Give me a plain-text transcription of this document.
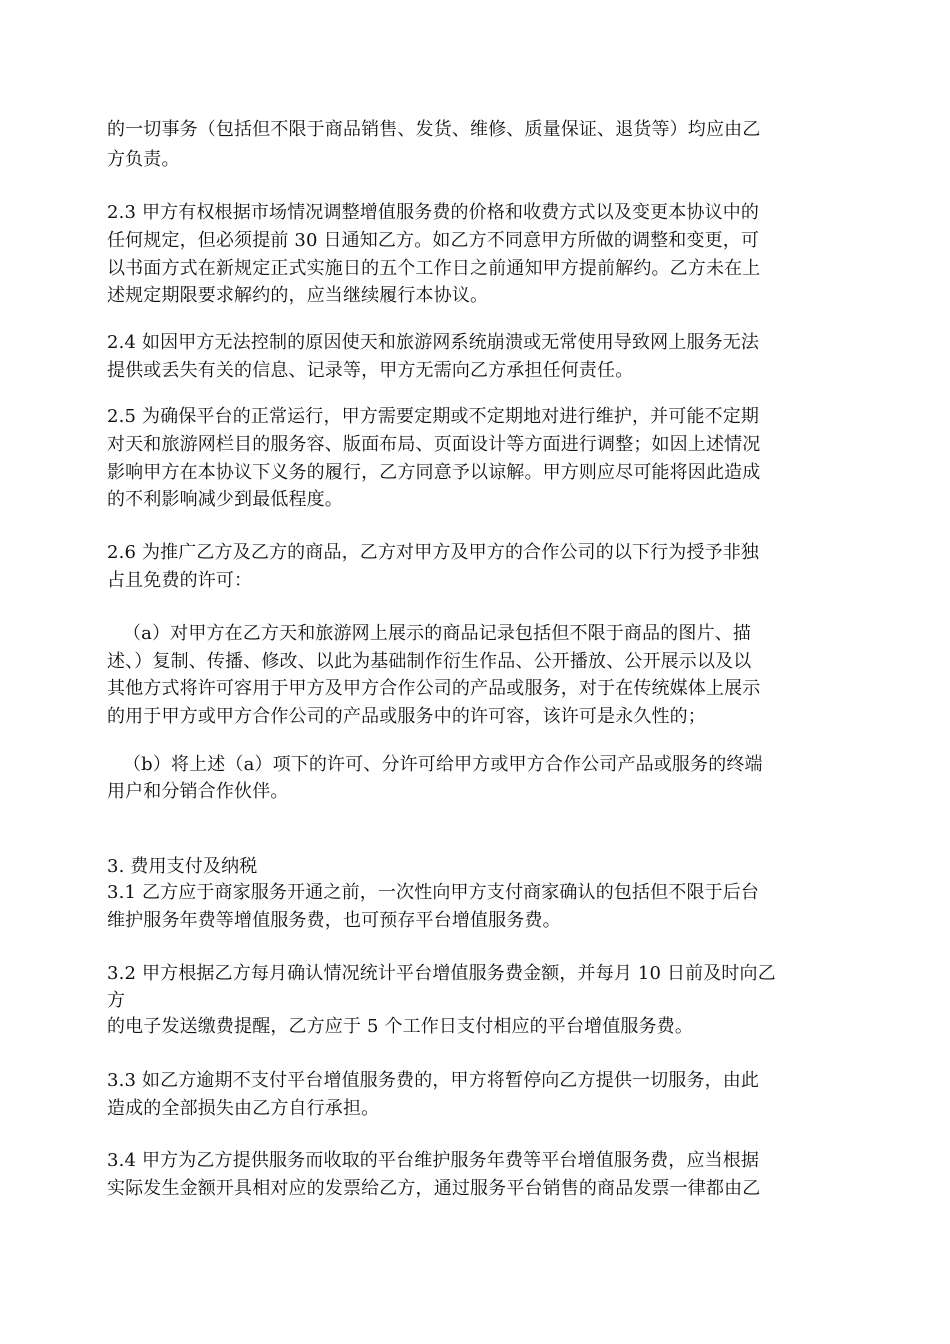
的一切事务（包括但不限于商品销售、发货、维修、质量保证、退货等）均应由乙
方负责。
2.3 甲方有权根据市场情况调整增值服务费的价格和收费方式以及变更本协议中的
任何规定，但必须提前 30 日通知乙方。如乙方不同意甲方所做的调整和变更，可
以书面方式在新规定正式实施日的五个工作日之前通知甲方提前解约。乙方未在上
述规定期限要求解约的，应当继续履行本协议。
2.4 如因甲方无法控制的原因使天和旅游网系统崩溃或无常使用导致网上服务无法
提供或丢失有关的信息、记录等，甲方无需向乙方承担任何责任。
2.5 为确保平台的正常运行，甲方需要定期或不定期地对进行维护，并可能不定期
对天和旅游网栏目的服务容、版面布局、页面设计等方面进行调整；如因上述情况
影响甲方在本协议下义务的履行，乙方同意予以谅解。甲方则应尽可能将因此造成
的不利影响减少到最低程度。
2.6 为推广乙方及乙方的商品，乙方对甲方及甲方的合作公司的以下行为授予非独
占且免费的许可：
（a）对甲方在乙方天和旅游网上展示的商品记录包括但不限于商品的图片、描
述、）复制、传播、修改、以此为基础制作衍生作品、公开播放、公开展示以及以
其他方式将许可容用于甲方及甲方合作公司的产品或服务，对于在传统媒体上展示
的用于甲方或甲方合作公司的产品或服务中的许可容，该许可是永久性的；
（b）将上述（a）项下的许可、分许可给甲方或甲方合作公司产品或服务的终端
用户和分销合作伙伴。
3. 费用支付及纳税
3.1 乙方应于商家服务开通之前，一次性向甲方支付商家确认的包括但不限于后台
维护服务年费等增值服务费，也可预存平台增值服务费。
3.2 甲方根据乙方每月确认情况统计平台增值服务费金额，并每月 10 日前及时向乙
方
的电子发送缴费提醒，乙方应于 5 个工作日支付相应的平台增值服务费。
3.3 如乙方逾期不支付平台增值服务费的，甲方将暂停向乙方提供一切服务，由此
造成的全部损失由乙方自行承担。
3.4 甲方为乙方提供服务而收取的平台维护服务年费等平台增值服务费，应当根据
实际发生金额开具相对应的发票给乙方，通过服务平台销售的商品发票一律都由乙
